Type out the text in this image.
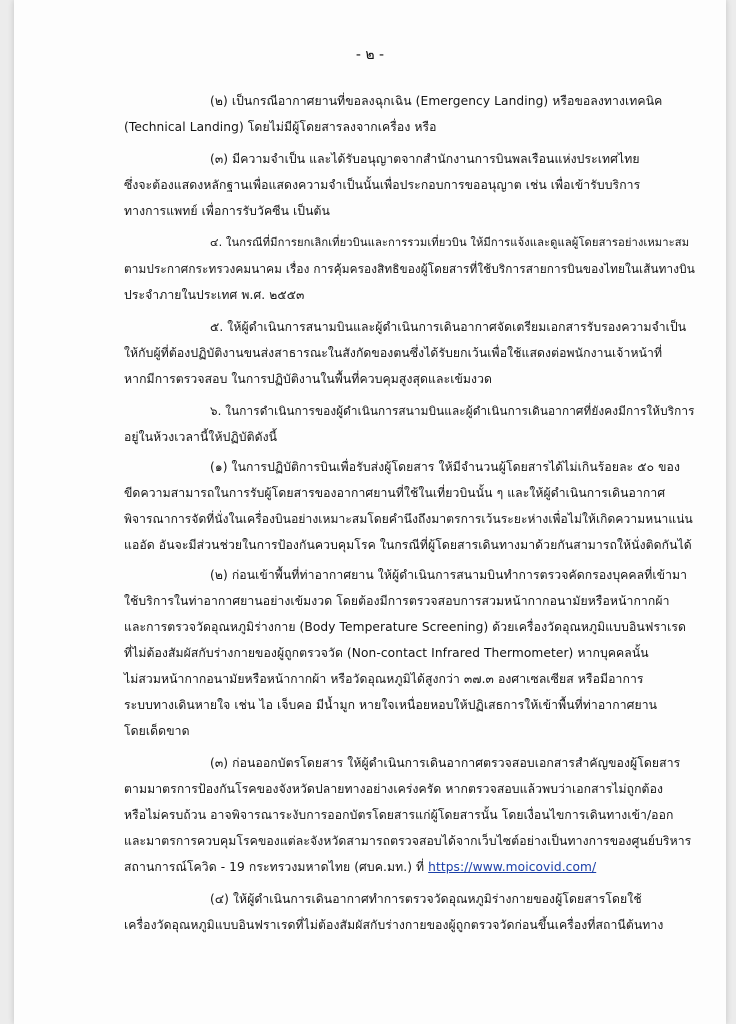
- ๒ -
(๒) เป็นกรณีอากาศยานที่ขอลงฉุกเฉิน (Emergency Landing) หรือขอลงทางเทคนิค
(Technical Landing) โดยไม่มีผู้โดยสารลงจากเครื่อง หรือ
(๓) มีความจำเป็น และได้รับอนุญาตจากสำนักงานการบินพลเรือนแห่งประเทศไทย
ซึ่งจะต้องแสดงหลักฐานเพื่อแสดงความจำเป็นนั้นเพื่อประกอบการขออนุญาต เช่น เพื่อเข้ารับบริการ
ทางการแพทย์ เพื่อการรับวัคซีน เป็นต้น
๔. ในกรณีที่มีการยกเลิกเที่ยวบินและการรวมเที่ยวบิน ให้มีการแจ้งและดูแลผู้โดยสารอย่างเหมาะสม
ตามประกาศกระทรวงคมนาคม เรื่อง การคุ้มครองสิทธิของผู้โดยสารที่ใช้บริการสายการบินของไทยในเส้นทางบิน
ประจำภายในประเทศ พ.ศ. ๒๕๕๓
๕. ให้ผู้ดำเนินการสนามบินและผู้ดำเนินการเดินอากาศจัดเตรียมเอกสารรับรองความจำเป็น
ให้กับผู้ที่ต้องปฏิบัติงานขนส่งสาธารณะในสังกัดของตนซึ่งได้รับยกเว้นเพื่อใช้แสดงต่อพนักงานเจ้าหน้าที่
หากมีการตรวจสอบ ในการปฏิบัติงานในพื้นที่ควบคุมสูงสุดและเข้มงวด
๖. ในการดำเนินการของผู้ดำเนินการสนามบินและผู้ดำเนินการเดินอากาศที่ยังคงมีการให้บริการ
อยู่ในห้วงเวลานี้ให้ปฏิบัติดังนี้
(๑) ในการปฏิบัติการบินเพื่อรับส่งผู้โดยสาร ให้มีจำนวนผู้โดยสารได้ไม่เกินร้อยละ ๕๐ ของ
ขีดความสามารถในการรับผู้โดยสารของอากาศยานที่ใช้ในเที่ยวบินนั้น ๆ และให้ผู้ดำเนินการเดินอากาศ
พิจารณาการจัดที่นั่งในเครื่องบินอย่างเหมาะสมโดยคำนึงถึงมาตรการเว้นระยะห่างเพื่อไม่ให้เกิดความหนาแน่น
แออัด อันจะมีส่วนช่วยในการป้องกันควบคุมโรค ในกรณีที่ผู้โดยสารเดินทางมาด้วยกันสามารถให้นั่งติดกันได้
(๒) ก่อนเข้าพื้นที่ท่าอากาศยาน ให้ผู้ดำเนินการสนามบินทำการตรวจคัดกรองบุคคลที่เข้ามา
ใช้บริการในท่าอากาศยานอย่างเข้มงวด โดยต้องมีการตรวจสอบการสวมหน้ากากอนามัยหรือหน้ากากผ้า
และการตรวจวัดอุณหภูมิร่างกาย (Body Temperature Screening) ด้วยเครื่องวัดอุณหภูมิแบบอินฟราเรด
ที่ไม่ต้องสัมผัสกับร่างกายของผู้ถูกตรวจวัด (Non-contact Infrared Thermometer) หากบุคคลนั้น
ไม่สวมหน้ากากอนามัยหรือหน้ากากผ้า หรือวัดอุณหภูมิได้สูงกว่า ๓๗.๓ องศาเซลเซียส หรือมีอาการ
ระบบทางเดินหายใจ เช่น ไอ เจ็บคอ มีน้ำมูก หายใจเหนื่อยหอบให้ปฏิเสธการให้เข้าพื้นที่ท่าอากาศยาน
โดยเด็ดขาด
(๓) ก่อนออกบัตรโดยสาร ให้ผู้ดำเนินการเดินอากาศตรวจสอบเอกสารสำคัญของผู้โดยสาร
ตามมาตรการป้องกันโรคของจังหวัดปลายทางอย่างเคร่งครัด หากตรวจสอบแล้วพบว่าเอกสารไม่ถูกต้อง
หรือไม่ครบถ้วน อาจพิจารณาระงับการออกบัตรโดยสารแก่ผู้โดยสารนั้น โดยเงื่อนไขการเดินทางเข้า/ออก
และมาตรการควบคุมโรคของแต่ละจังหวัดสามารถตรวจสอบได้จากเว็บไซต์อย่างเป็นทางการของศูนย์บริหาร
สถานการณ์โควิด - 19 กระทรวงมหาดไทย (ศบค.มท.) ที่ https://www.moicovid.com/
(๔) ให้ผู้ดำเนินการเดินอากาศทำการตรวจวัดอุณหภูมิร่างกายของผู้โดยสารโดยใช้
เครื่องวัดอุณหภูมิแบบอินฟราเรดที่ไม่ต้องสัมผัสกับร่างกายของผู้ถูกตรวจวัดก่อนขึ้นเครื่องที่สถานีต้นทาง
